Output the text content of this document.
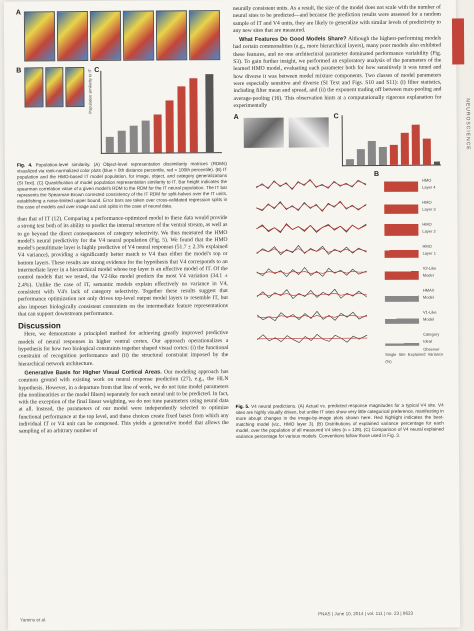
A
B	C
Population similarity to IT

Fig. 4. Population-level similarity. (A) Object-level representation dissimilarity matrices (RDMs) visualized via rank-normalized color plots (blue = 0th distance percentile, red = 100th percentile). (B) IT population and the HMO-based IT model population, for image, object, and category generalizations (SI Text). (C) Quantification of model population representation similarity to IT. Bar height indicates the spearman correlation value of a given model's RDM to the RDM for the IT neural population. The IT bar represents the Spearman-Brown corrected consistency of the IT RDM for split-halves over the IT units, establishing a noise-limited upper bound. Error bars are taken over cross-validated regression splits in the case of models and over image and unit splits in the case of neural data.

than that of IT (12). Comparing a performance-optimized model to these data would provide a strong test both of its ability to predict the internal structure of the ventral stream, as well as to go beyond the direct consequences of category selectivity. We thus measured the HMO model's neural predictivity for the V4 neural population (Fig. 5). We found that the HMO model's penultimate layer is highly predictive of V4 neural responses (51.7 ± 2.3% explained V4 variance), providing a significantly better match to V4 than either the model's top or bottom layers. These results are strong evidence for the hypothesis that V4 corresponds to an intermediate layer in a hierarchical model whose top layer is an effective model of IT. Of the control models that we tested, the V2-like model predicts the most V4 variation (34.1 ± 2.4%). Unlike the case of IT, semantic models explain effectively no variance in V4, consistent with V4's lack of category selectivity. Together these results suggest that performance optimization not only drives top-level output model layers to resemble IT, but also imposes biologically consistent constraints on the intermediate feature representations that can support downstream performance.

Discussion

Here, we demonstrate a principled method for achieving greatly improved predictive models of neural responses in higher ventral cortex. Our approach operationalizes a hypothesis for how two biological constraints together shaped visual cortex: (i) the functional constraint of recognition performance and (ii) the structural constraint imposed by the hierarchical network architecture.

Generative Basis for Higher Visual Cortical Areas. Our modeling approach has common ground with existing work on neural response prediction (27), e.g., the HLN hypothesis. However, in a departure from that line of work, we do not tune model parameters (the nonlinearities or the model filters) separately for each neural unit to be predicted. In fact, with the exception of the final linear weighting, we do not tune parameters using neural data at all. Instead, the parameters of our model were independently selected to optimize functional performance at the top level, and these choices create fixed bases from which any individual IT or V4 unit can be composed. This yields a generative model that allows the sampling of an arbitrary number of

Yamins et al.

neurally consistent units. As a result, the size of the model does not scale with the number of neural sites to be predicted—and because the prediction results were assessed for a random sample of IT and V4 units, they are likely to generalize with similar levels of predictivity to any new sites that are measured.

What Features Do Good Models Share? Although the highest-performing models had certain commonalities (e.g., more hierarchical layers), many poor models also exhibited these features, and no one architectural parameter dominated performance variability (Fig. S3). To gain further insight, we performed an exploratory analysis of the parameters of the learned HMO model, evaluating each parameter both for how sensitively it was tuned and how diverse it was between model mixture components. Two classes of model parameters were especially sensitive and diverse (SI Text and Figs. S10 and S11): (i) filter statistics, including filter mean and spread, and (ii) the exponent trading off between max-pooling and average-pooling (16). This observation hints at a computationally rigorous explanation for experimentally

A	C
B
HMO Layer 4
HMO Layer 3
HMO Layer 2
HMO Layer 1
V2-Like Model
HMAX Model
V1-Like Model
Category Ideal Observer
Single Site Explained Variance (%)

Fig. 5. V4 neural predictions. (A) Actual vs. predicted response magnitudes for a typical V4 site. V4 sites are highly visually driven, but unlike IT sites show very little categorical preference, manifesting in more abrupt changes in the image-by-image plots shown here. Red highlight indicates the best-matching model (viz., HMO layer 3). (B) Distributions of explained variance percentage for each model, over the population of all measured V4 sites (n = 128). (C) Comparison of V4 neural explained variance percentage for various models. Conventions follow those used in Fig. 3.

NEUROSCIENCE
PNAS | June 10, 2014 | vol. 111 | no. 23 | 8623
